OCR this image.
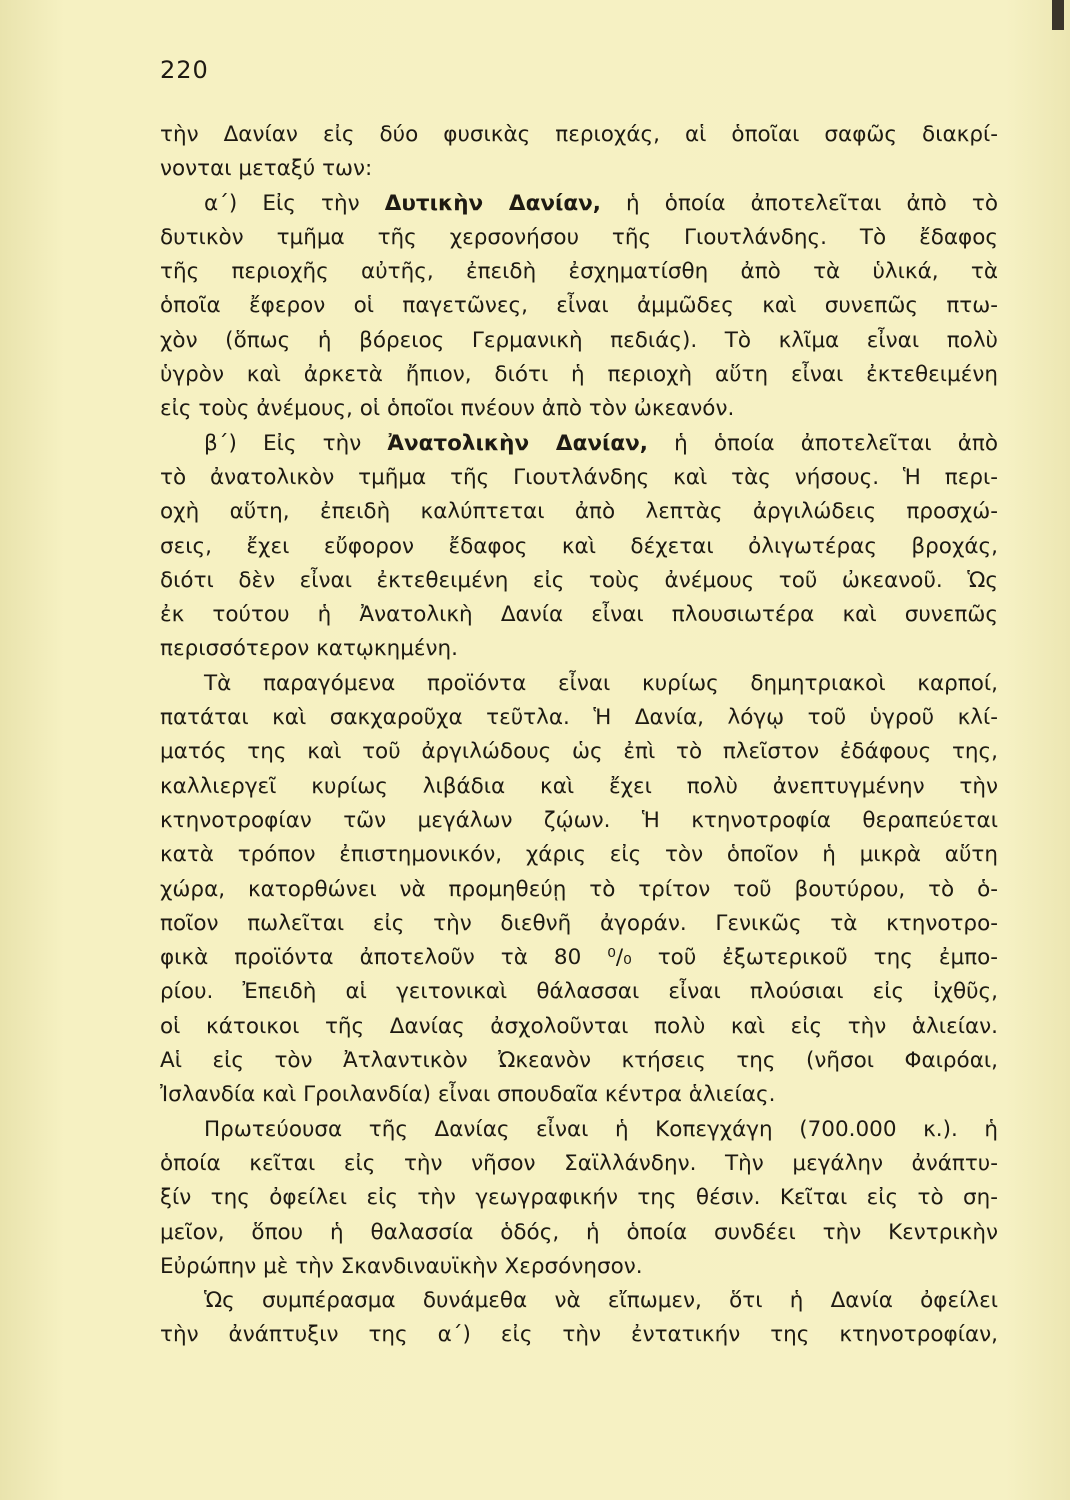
220
τὴν Δανίαν εἰς δύο φυσικὰς περιοχάς, αἱ ὁποῖαι σαφῶς διακρί-
νονται μεταξύ των:
α΄) Εἰς τὴν Δυτικὴν Δανίαν, ἡ ὁποία ἀποτελεῖται ἀπὸ τὸ
δυτικὸν τμῆμα τῆς χερσονήσου τῆς Γιουτλάνδης. Τὸ ἔδαφος
τῆς περιοχῆς αὐτῆς, ἐπειδὴ ἐσχηματίσθη ἀπὸ τὰ ὑλικά, τὰ
ὁποῖα ἔφερον οἱ παγετῶνες, εἶναι ἀμμῶδες καὶ συνεπῶς πτω-
χὸν (ὅπως ἡ βόρειος Γερμανικὴ πεδιάς). Τὸ κλῖμα εἶναι πολὺ
ὑγρὸν καὶ ἀρκετὰ ἤπιον, διότι ἡ περιοχὴ αὕτη εἶναι ἐκτεθειμένη
εἰς τοὺς ἀνέμους, οἱ ὁποῖοι πνέουν ἀπὸ τὸν ὠκεανόν.
β΄) Εἰς τὴν Ἀνατολικὴν Δανίαν, ἡ ὁποία ἀποτελεῖται ἀπὸ
τὸ ἀνατολικὸν τμῆμα τῆς Γιουτλάνδης καὶ τὰς νήσους. Ἡ περι-
οχὴ αὕτη, ἐπειδὴ καλύπτεται ἀπὸ λεπτὰς ἀργιλώδεις προσχώ-
σεις, ἔχει εὔφορον ἔδαφος καὶ δέχεται ὀλιγωτέρας βροχάς,
διότι δὲν εἶναι ἐκτεθειμένη εἰς τοὺς ἀνέμους τοῦ ὠκεανοῦ. Ὡς
ἐκ τούτου ἡ Ἀνατολικὴ Δανία εἶναι πλουσιωτέρα καὶ συνεπῶς
περισσότερον κατῳκημένη.
Τὰ παραγόμενα προϊόντα εἶναι κυρίως δημητριακοὶ καρποί,
πατάται καὶ σακχαροῦχα τεῦτλα. Ἡ Δανία, λόγῳ τοῦ ὑγροῦ κλί-
ματός της καὶ τοῦ ἀργιλώδους ὡς ἐπὶ τὸ πλεῖστον ἐδάφους της,
καλλιεργεῖ κυρίως λιβάδια καὶ ἔχει πολὺ ἀνεπτυγμένην τὴν
κτηνοτροφίαν τῶν μεγάλων ζῴων. Ἡ κτηνοτροφία θεραπεύεται
κατὰ τρόπον ἐπιστημονικόν, χάρις εἰς τὸν ὁποῖον ἡ μικρὰ αὕτη
χώρα, κατορθώνει νὰ προμηθεύῃ τὸ τρίτον τοῦ βουτύρου, τὸ ὁ-
ποῖον πωλεῖται εἰς τὴν διεθνῆ ἀγοράν. Γενικῶς τὰ κτηνοτρο-
φικὰ προϊόντα ἀποτελοῦν τὰ 80 ⁰/₀ τοῦ ἐξωτερικοῦ της ἐμπο-
ρίου. Ἐπειδὴ αἱ γειτονικαὶ θάλασσαι εἶναι πλούσιαι εἰς ἰχθῦς,
οἱ κάτοικοι τῆς Δανίας ἀσχολοῦνται πολὺ καὶ εἰς τὴν ἁλιείαν.
Αἱ εἰς τὸν Ἀτλαντικὸν Ὠκεανὸν κτήσεις της (νῆσοι Φαιρόαι,
Ἰσλανδία καὶ Γροιλανδία) εἶναι σπουδαῖα κέντρα ἁλιείας.
Πρωτεύουσα τῆς Δανίας εἶναι ἡ Κοπεγχάγη (700.000 κ.). ἡ
ὁποία κεῖται εἰς τὴν νῆσον Σαϊλλάνδην. Τὴν μεγάλην ἀνάπτυ-
ξίν της ὀφείλει εἰς τὴν γεωγραφικήν της θέσιν. Κεῖται εἰς τὸ ση-
μεῖον, ὅπου ἡ θαλασσία ὁδός, ἡ ὁποία συνδέει τὴν Κεντρικὴν
Εὐρώπην μὲ τὴν Σκανδιναυϊκὴν Χερσόνησον.
Ὡς συμπέρασμα δυνάμεθα νὰ εἴπωμεν, ὅτι ἡ Δανία ὀφείλει
τὴν ἀνάπτυξιν της α΄) εἰς τὴν ἐντατικήν της κτηνοτροφίαν,
